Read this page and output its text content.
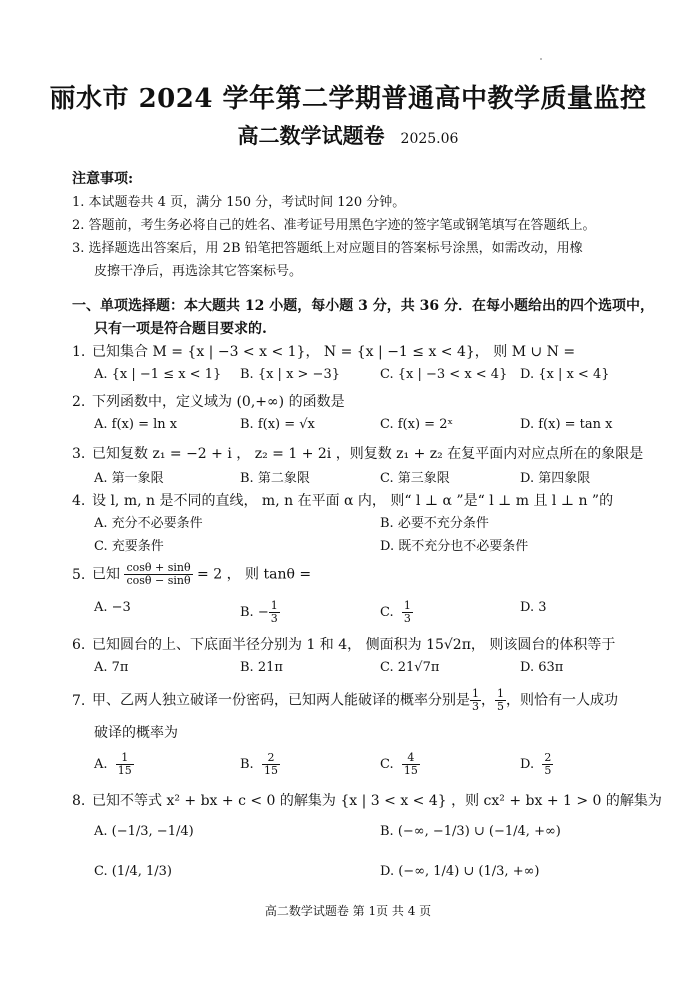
丽水市 2024 学年第二学期普通高中教学质量监控
高二数学试题卷 2025.06
注意事项:
1. 本试题卷共 4 页，满分 150 分，考试时间 120 分钟。
2. 答题前，考生务必将自己的姓名、准考证号用黑色字迹的签字笔或钢笔填写在答题纸上。
3. 选择题选出答案后，用 2B 铅笔把答题纸上对应题目的答案标号涂黑，如需改动，用橡
皮擦干净后，再选涂其它答案标号。
一、单项选择题：本大题共 12 小题，每小题 3 分，共 36 分．在每小题给出的四个选项中，
只有一项是符合题目要求的.
1. 已知集合 M = {x | −3 < x < 1}， N = {x | −1 ≤ x < 4}， 则 M ∪ N =
A. {x | −1 ≤ x < 1} B. {x | x > −3}	C. {x | −3 < x < 4} D. {x | x < 4}
2. 下列函数中，定义域为 (0,+∞) 的函数是
A. f(x) = ln x	B. f(x) = √x	C. f(x) = 2ˣ	D. f(x) = tan x
3. 已知复数 z₁ = −2 + i ， z₂ = 1 + 2i ，则复数 z₁ + z₂ 在复平面内对应点所在的象限是
A. 第一象限	B. 第二象限	C. 第三象限	D. 第四象限
4. 设 l, m, n 是不同的直线， m, n 在平面 α 内， 则“ l ⊥ α ”是“ l ⊥ m 且 l ⊥ n ”的
A. 充分不必要条件	B. 必要不充分条件
C. 充要条件	D. 既不充分也不必要条件
5. 已知 $\frac{\cos\theta + \sin\theta}{\cos\theta - \sin\theta} = 2$ ， 则 tanθ =
A. −3	B. − $\frac{1}{3}$	C. $\frac{1}{3}$	D. 3
6. 已知圆台的上、下底面半径分别为 1 和 4， 侧面积为 15√2π， 则该圆台的体积等于
A. 7π	B. 21π	C. 21√7π	D. 63π
7. 甲、乙两人独立破译一份密码，已知两人能破译的概率分别是 $\frac{1}{3}$ ， $\frac{1}{5}$ ，则恰有一人成功
破译的概率为
A. $\frac{1}{15}$	B. $\frac{2}{15}$	C. $\frac{4}{15}$	D. $\frac{2}{5}$
8. 已知不等式 x² + bx + c < 0 的解集为 {x | 3 < x < 4} ，则 cx² + bx + 1 > 0 的解集为
A. (−1/3, −1/4)	B. (−∞, −1/3) ∪ (−1/4, +∞)
C. (1/4, 1/3)	D. (−∞, 1/4) ∪ (1/3, +∞)
高二数学试题卷 第 1页 共 4 页
